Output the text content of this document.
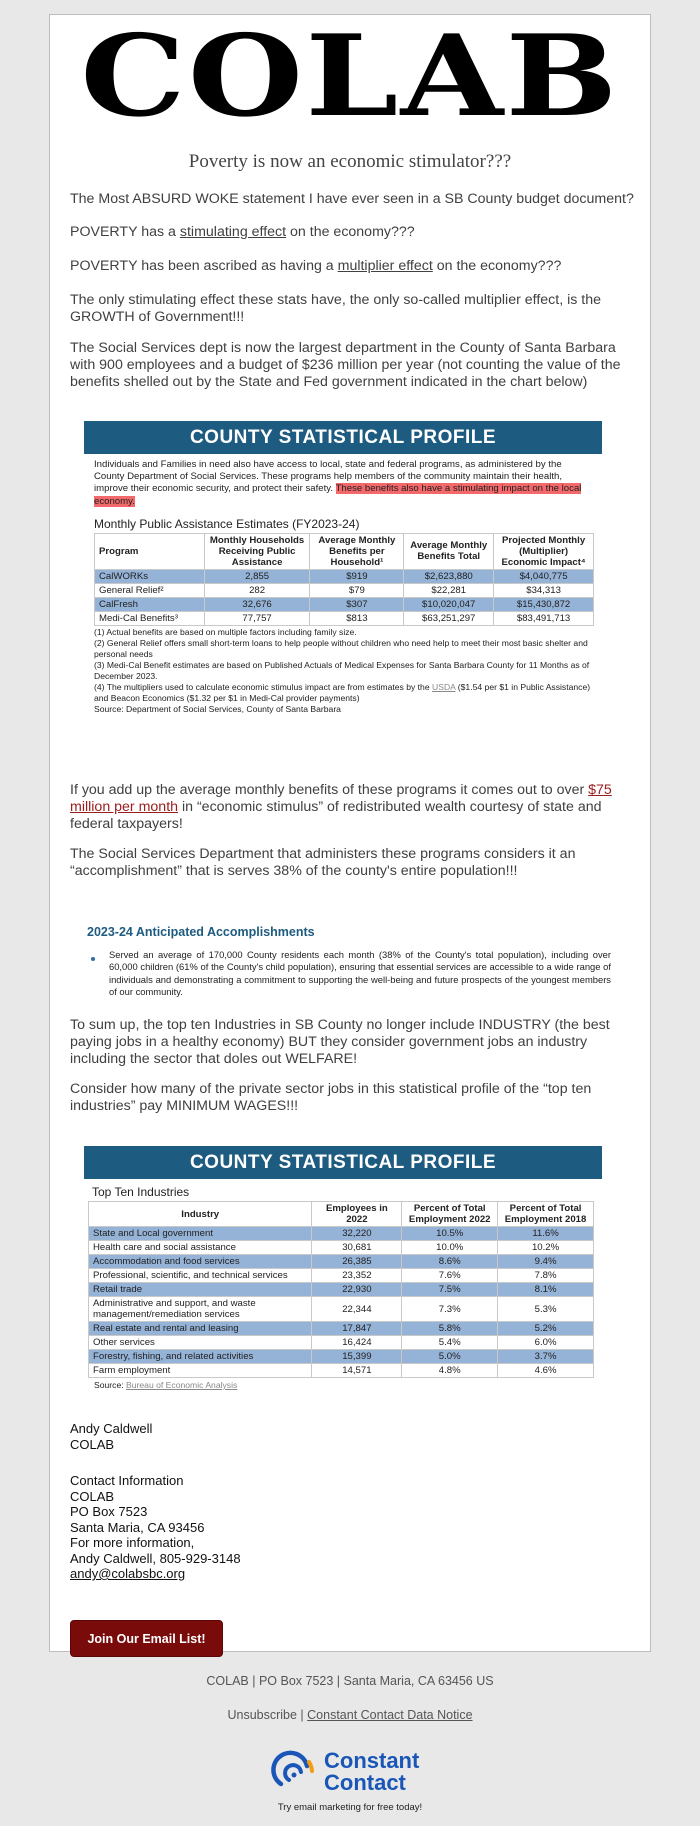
COLAB
Poverty is now an economic stimulator???
The Most ABSURD WOKE statement I have ever seen in a SB County budget document?
POVERTY has a stimulating effect on the economy???
POVERTY has been ascribed as having a multiplier effect on the economy???
The only stimulating effect these stats have, the only so-called multiplier effect, is the GROWTH of Government!!!
The Social Services dept is now the largest department in the County of Santa Barbara with 900 employees and a budget of $236 million per year (not counting the value of the benefits shelled out by the State and Fed government indicated in the chart below)
COUNTY STATISTICAL PROFILE
Individuals and Families in need also have access to local, state and federal programs, as administered by the County Department of Social Services. These programs help members of the community maintain their health, improve their economic security, and protect their safety. These benefits also have a stimulating impact on the local economy.
Monthly Public Assistance Estimates (FY2023-24)
Program	Monthly Households Receiving Public Assistance	Average Monthly Benefits per Household¹	Average Monthly Benefits Total	Projected Monthly (Multiplier) Economic Impact⁴
CalWORKs	2,855	$919	$2,623,880	$4,040,775
General Relief²	282	$79	$22,281	$34,313
CalFresh	32,676	$307	$10,020,047	$15,430,872
Medi-Cal Benefits³	77,757	$813	$63,251,297	$83,491,713
(1) Actual benefits are based on multiple factors including family size.
(2) General Relief offers small short-term loans to help people without children who need help to meet their most basic shelter and personal needs
(3) Medi-Cal Benefit estimates are based on Published Actuals of Medical Expenses for Santa Barbara County for 11 Months as of December 2023.
(4) The multipliers used to calculate economic stimulus impact are from estimates by the USDA ($1.54 per $1 in Public Assistance) and Beacon Economics ($1.32 per $1 in Medi-Cal provider payments)
Source: Department of Social Services, County of Santa Barbara
If you add up the average monthly benefits of these programs it comes out to over $75 million per month in “economic stimulus” of redistributed wealth courtesy of state and federal taxpayers!
The Social Services Department that administers these programs considers it an “accomplishment” that is serves 38% of the county's entire population!!!
2023-24 Anticipated Accomplishments
Served an average of 170,000 County residents each month (38% of the County's total population), including over 60,000 children (61% of the County's child population), ensuring that essential services are accessible to a wide range of individuals and demonstrating a commitment to supporting the well-being and future prospects of the youngest members of our community.
To sum up, the top ten Industries in SB County no longer include INDUSTRY (the best paying jobs in a healthy economy) BUT they consider government jobs an industry including the sector that doles out WELFARE!
Consider how many of the private sector jobs in this statistical profile of the “top ten industries” pay MINIMUM WAGES!!!
COUNTY STATISTICAL PROFILE
Top Ten Industries
Industry	Employees in 2022	Percent of Total Employment 2022	Percent of Total Employment 2018
State and Local government	32,220	10.5%	11.6%
Health care and social assistance	30,681	10.0%	10.2%
Accommodation and food services	26,385	8.6%	9.4%
Professional, scientific, and technical services	23,352	7.6%	7.8%
Retail trade	22,930	7.5%	8.1%
Administrative and support, and waste management/remediation services	22,344	7.3%	5.3%
Real estate and rental and leasing	17,847	5.8%	5.2%
Other services	16,424	5.4%	6.0%
Forestry, fishing, and related activities	15,399	5.0%	3.7%
Farm employment	14,571	4.8%	4.6%
Source: Bureau of Economic Analysis
Andy Caldwell
COLAB
Contact Information
COLAB
PO Box 7523
Santa Maria, CA 93456
For more information,
Andy Caldwell, 805-929-3148
andy@colabsbc.org
Join Our Email List!
COLAB | PO Box 7523 | Santa Maria, CA 63456 US
Unsubscribe | Constant Contact Data Notice
Constant
Contact
Try email marketing for free today!
